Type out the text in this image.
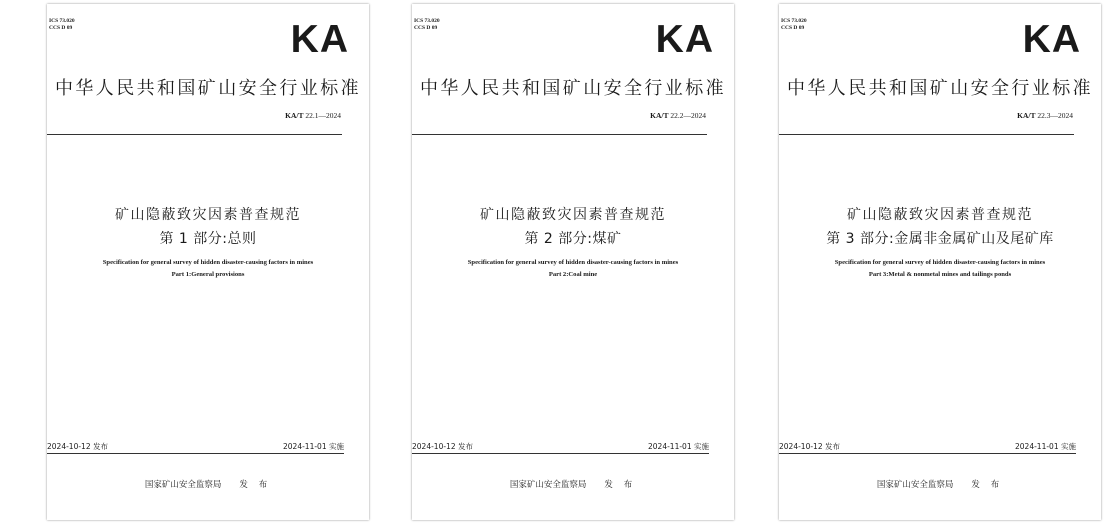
ICS 73.020
CCS D 09	KA
中华人民共和国矿山安全行业标准
KA/T 22.1—2024
矿山隐蔽致灾因素普查规范
第 1 部分:总则
Specification for general survey of hidden disaster-causing factors in mines
Part 1:General provisions
2024-10-12 发布	2024-11-01 实施
国家矿山安全监察局 发 布
ICS 73.020
CCS D 09	KA
中华人民共和国矿山安全行业标准
KA/T 22.2—2024
矿山隐蔽致灾因素普查规范
第 2 部分:煤矿
Specification for general survey of hidden disaster-causing factors in mines
Part 2:Coal mine
2024-10-12 发布	2024-11-01 实施
国家矿山安全监察局 发 布
ICS 73.020
CCS D 09	KA
中华人民共和国矿山安全行业标准
KA/T 22.3—2024
矿山隐蔽致灾因素普查规范
第 3 部分:金属非金属矿山及尾矿库
Specification for general survey of hidden disaster-causing factors in mines
Part 3:Metal & nonmetal mines and tailings ponds
2024-10-12 发布	2024-11-01 实施
国家矿山安全监察局 发 布
